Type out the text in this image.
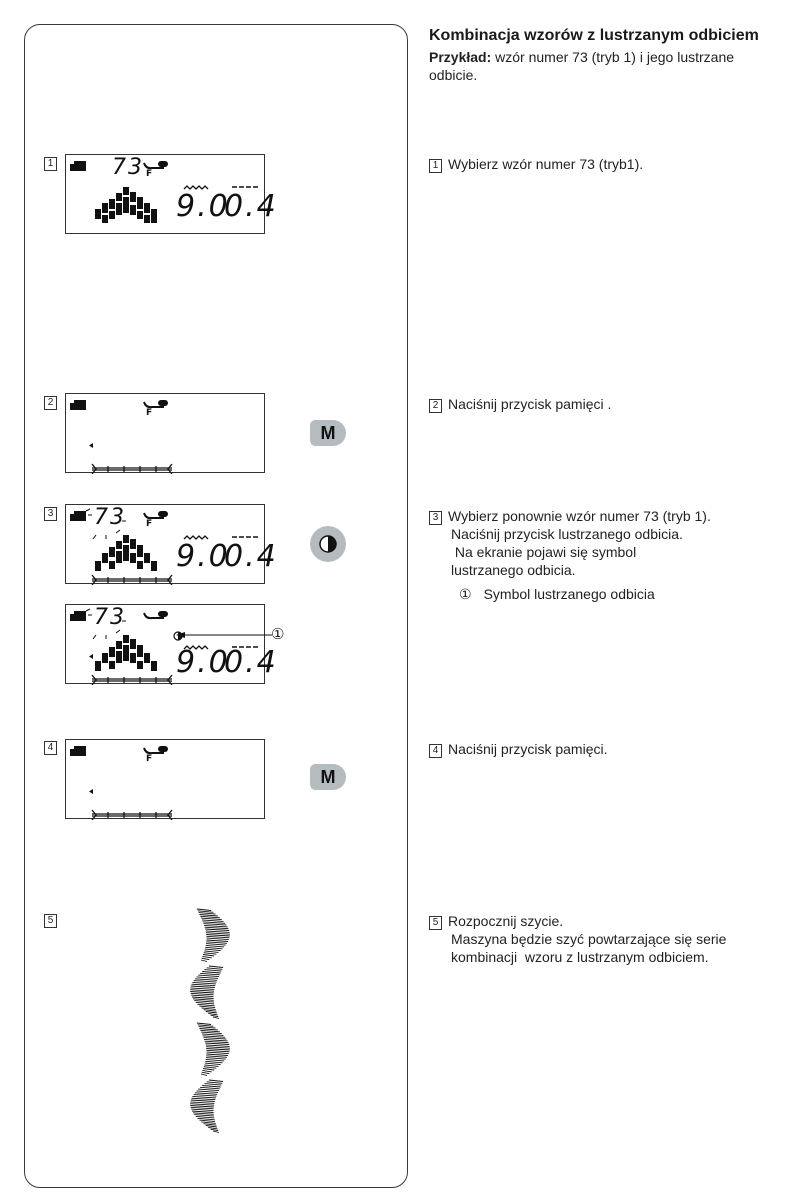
1
2
3
4
5
73 F
9.0
0.4
F
M
73 F
9.0
0.4
73
9.0
0.4
①
F
M
Kombinacja wzorów z lustrzanym odbiciem
Przykład: wzór numer 73 (tryb 1) i jego lustrzane odbicie.
1 Wybierz wzór numer 73 (tryb1).
2 Naciśnij przycisk pamięci .
3 Wybierz ponownie wzór numer 73 (tryb 1).
Naciśnij przycisk lustrzanego odbicia.
Na ekranie pojawi się symbol
lustrzanego odbicia.
① Symbol lustrzanego odbicia
4 Naciśnij przycisk pamięci.
5 Rozpocznij szycie.
Maszyna będzie szyć powtarzające się serie
kombinacji  wzoru z lustrzanym odbiciem.
